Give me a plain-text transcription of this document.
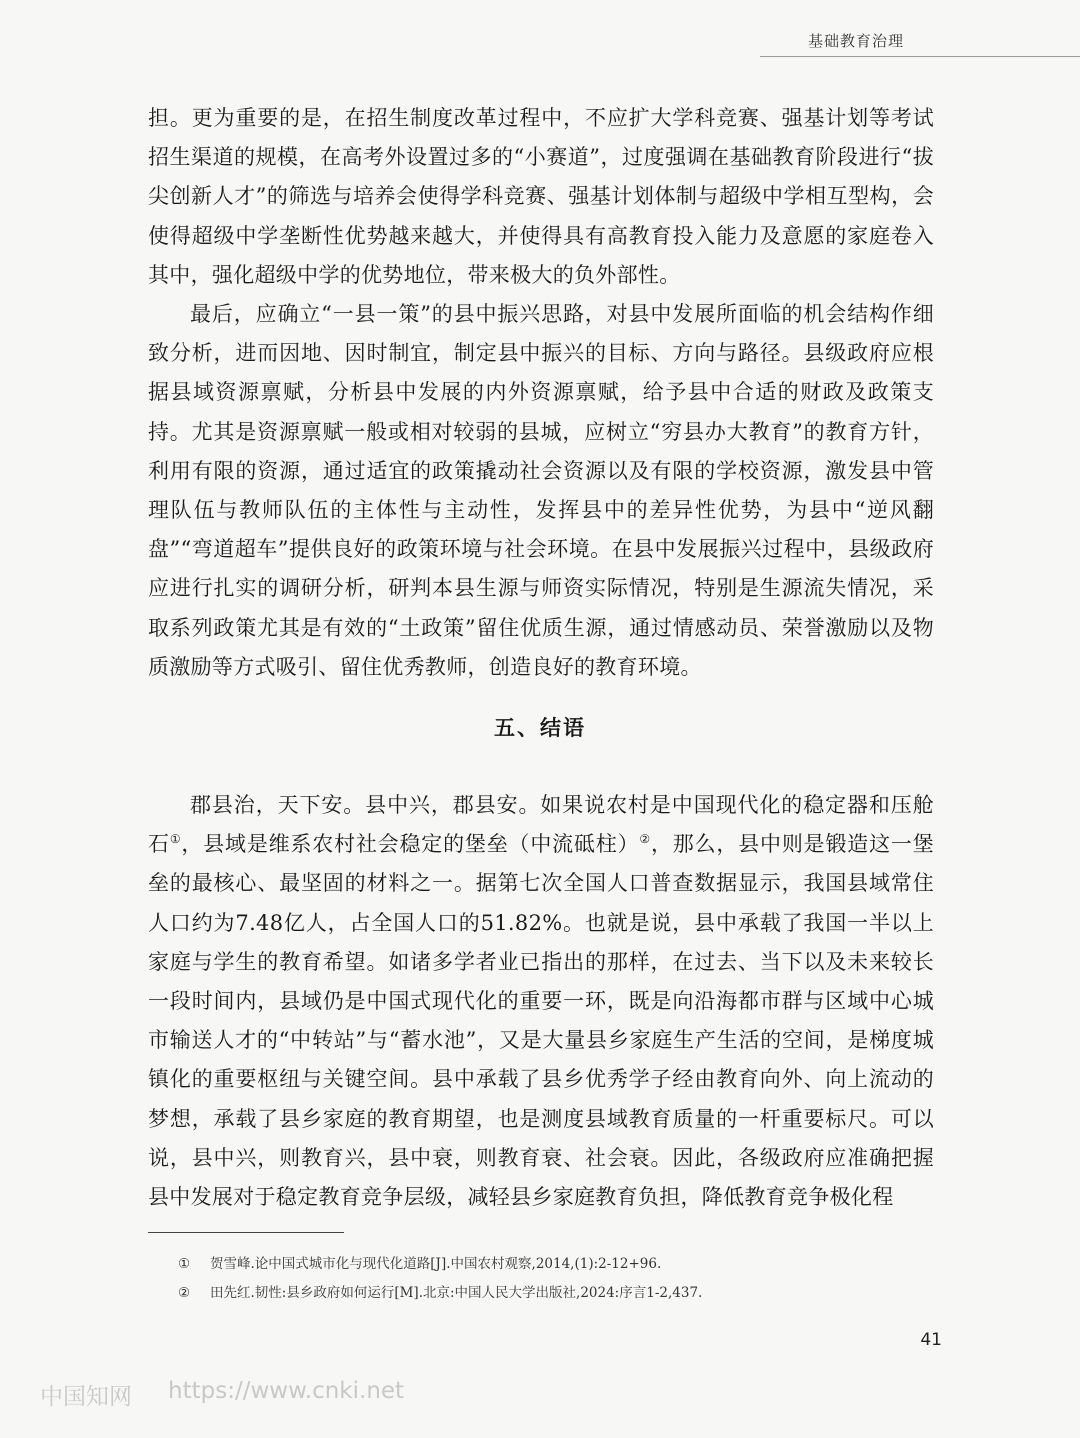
基础教育治理

担。更为重要的是，在招生制度改革过程中，不应扩大学科竞赛、强基计划等考试招生渠道的规模，在高考外设置过多的“小赛道”，过度强调在基础教育阶段进行“拔尖创新人才”的筛选与培养会使得学科竞赛、强基计划体制与超级中学相互型构，会使得超级中学垄断性优势越来越大，并使得具有高教育投入能力及意愿的家庭卷入其中，强化超级中学的优势地位，带来极大的负外部性。

最后，应确立“一县一策”的县中振兴思路，对县中发展所面临的机会结构作细致分析，进而因地、因时制宜，制定县中振兴的目标、方向与路径。县级政府应根据县域资源禀赋，分析县中发展的内外资源禀赋，给予县中合适的财政及政策支持。尤其是资源禀赋一般或相对较弱的县城，应树立“穷县办大教育”的教育方针，利用有限的资源，通过适宜的政策撬动社会资源以及有限的学校资源，激发县中管理队伍与教师队伍的主体性与主动性，发挥县中的差异性优势，为县中“逆风翻盘”“弯道超车”提供良好的政策环境与社会环境。在县中发展振兴过程中，县级政府应进行扎实的调研分析，研判本县生源与师资实际情况，特别是生源流失情况，采取系列政策尤其是有效的“土政策”留住优质生源，通过情感动员、荣誉激励以及物质激励等方式吸引、留住优秀教师，创造良好的教育环境。

五、结语

郡县治，天下安。县中兴，郡县安。如果说农村是中国现代化的稳定器和压舱石①，县域是维系农村社会稳定的堡垒（中流砥柱）②，那么，县中则是锻造这一堡垒的最核心、最坚固的材料之一。据第七次全国人口普查数据显示，我国县域常住人口约为7.48亿人，占全国人口的51.82%。也就是说，县中承载了我国一半以上家庭与学生的教育希望。如诸多学者业已指出的那样，在过去、当下以及未来较长一段时间内，县域仍是中国式现代化的重要一环，既是向沿海都市群与区域中心城市输送人才的“中转站”与“蓄水池”，又是大量县乡家庭生产生活的空间，是梯度城镇化的重要枢纽与关键空间。县中承载了县乡优秀学子经由教育向外、向上流动的梦想，承载了县乡家庭的教育期望，也是测度县域教育质量的一杆重要标尺。可以说，县中兴，则教育兴，县中衰，则教育衰、社会衰。因此，各级政府应准确把握县中发展对于稳定教育竞争层级，减轻县乡家庭教育负担，降低教育竞争极化程

① 贺雪峰.论中国式城市化与现代化道路[J].中国农村观察,2014,(1):2-12+96.
② 田先红.韧性:县乡政府如何运行[M].北京:中国人民大学出版社,2024:序言1-2,437.
41
中国知网 https://www.cnki.net
